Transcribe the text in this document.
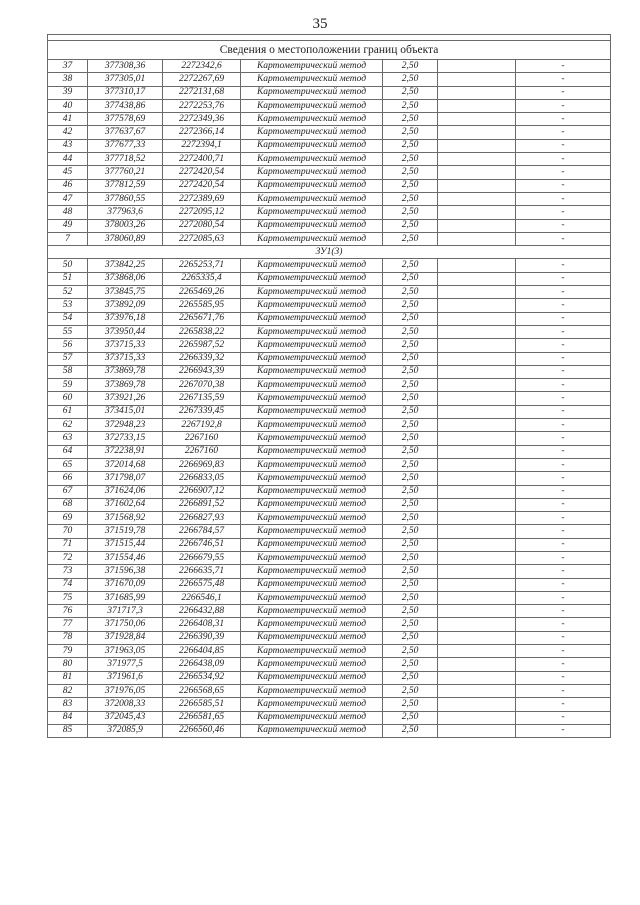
35

Сведения о местоположении границ объекта						
37	377308,36	2272342,6	Картометрический метод	2,50		-
38	377305,01	2272267,69	Картометрический метод	2,50		-
39	377310,17	2272131,68	Картометрический метод	2,50		-
40	377438,86	2272253,76	Картометрический метод	2,50		-
41	377578,69	2272349,36	Картометрический метод	2,50		-
42	377637,67	2272366,14	Картометрический метод	2,50		-
43	377677,33	2272394,1	Картометрический метод	2,50		-
44	377718,52	2272400,71	Картометрический метод	2,50		-
45	377760,21	2272420,54	Картометрический метод	2,50		-
46	377812,59	2272420,54	Картометрический метод	2,50		-
47	377860,55	2272389,69	Картометрический метод	2,50		-
48	377963,6	2272095,12	Картометрический метод	2,50		-
49	378003,26	2272080,54	Картометрический метод	2,50		-
7	378060,89	2272085,63	Картометрический метод	2,50		-
ЗУ1(3)						
50	373842,25	2265253,71	Картометрический метод	2,50		-
51	373868,06	2265335,4	Картометрический метод	2,50		-
52	373845,75	2265469,26	Картометрический метод	2,50		-
53	373892,09	2265585,95	Картометрический метод	2,50		-
54	373976,18	2265671,76	Картометрический метод	2,50		-
55	373950,44	2265838,22	Картометрический метод	2,50		-
56	373715,33	2265987,52	Картометрический метод	2,50		-
57	373715,33	2266339,32	Картометрический метод	2,50		-
58	373869,78	2266943,39	Картометрический метод	2,50		-
59	373869,78	2267070,38	Картометрический метод	2,50		-
60	373921,26	2267135,59	Картометрический метод	2,50		-
61	373415,01	2267339,45	Картометрический метод	2,50		-
62	372948,23	2267192,8	Картометрический метод	2,50		-
63	372733,15	2267160	Картометрический метод	2,50		-
64	372238,91	2267160	Картометрический метод	2,50		-
65	372014,68	2266969,83	Картометрический метод	2,50		-
66	371798,07	2266833,05	Картометрический метод	2,50		-
67	371624,06	2266907,12	Картометрический метод	2,50		-
68	371602,64	2266891,52	Картометрический метод	2,50		-
69	371568,92	2266827,93	Картометрический метод	2,50		-
70	371519,78	2266784,57	Картометрический метод	2,50		-
71	371515,44	2266746,51	Картометрический метод	2,50		-
72	371554,46	2266679,55	Картометрический метод	2,50		-
73	371596,38	2266635,71	Картометрический метод	2,50		-
74	371670,09	2266575,48	Картометрический метод	2,50		-
75	371685,99	2266546,1	Картометрический метод	2,50		-
76	371717,3	2266432,88	Картометрический метод	2,50		-
77	371750,06	2266408,31	Картометрический метод	2,50		-
78	371928,84	2266390,39	Картометрический метод	2,50		-
79	371963,05	2266404,85	Картометрический метод	2,50		-
80	371977,5	2266438,09	Картометрический метод	2,50		-
81	371961,6	2266534,92	Картометрический метод	2,50		-
82	371976,05	2266568,65	Картометрический метод	2,50		-
83	372008,33	2266585,51	Картометрический метод	2,50		-
84	372045,43	2266581,65	Картометрический метод	2,50		-
85	372085,9	2266560,46	Картометрический метод	2,50		-
